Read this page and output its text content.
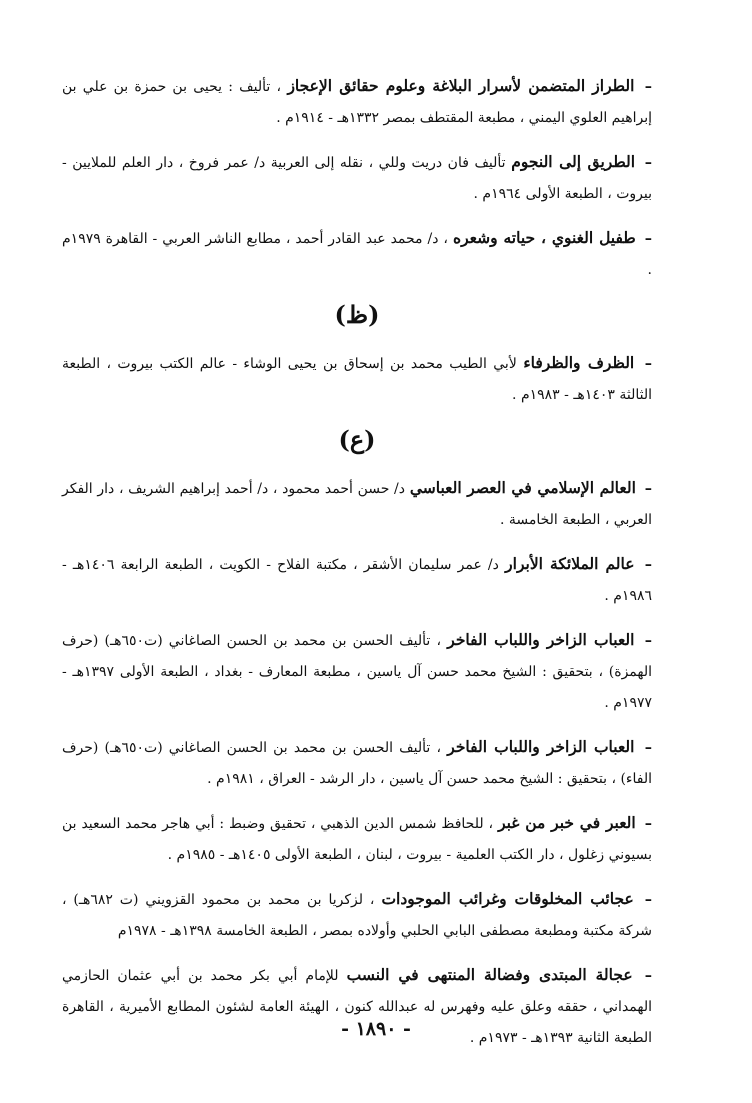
– الطراز المتضمن لأسرار البلاغة وعلوم حقائق الإعجاز ، تأليف : يحيى بن حمزة بن علي بن إبراهيم العلوي اليمني ، مطبعة المقتطف بمصر ١٣٣٢هـ - ١٩١٤م .
– الطريق إلى النجوم تأليف فان دريت وللي ، نقله إلى العربية د/ عمر فروخ ، دار العلم للملايين - بيروت ، الطبعة الأولى ١٩٦٤م .
– طفيل الغنوي ، حياته وشعره ، د/ محمد عبد القادر أحمد ، مطابع الناشر العربي - القاهرة ١٩٧٩م .
(ظ)
– الظرف والظرفاء لأبي الطيب محمد بن إسحاق بن يحيى الوشاء - عالم الكتب بيروت ، الطبعة الثالثة ١٤٠٣هـ - ١٩٨٣م .
(ع)
– العالم الإسلامي في العصر العباسي د/ حسن أحمد محمود ، د/ أحمد إبراهيم الشريف ، دار الفكر العربي ، الطبعة الخامسة .
– عالم الملائكة الأبرار د/ عمر سليمان الأشقر ، مكتبة الفلاح - الكويت ، الطبعة الرابعة ١٤٠٦هـ - ١٩٨٦م .
– العباب الزاخر واللباب الفاخر ، تأليف الحسن بن محمد بن الحسن الصاغاني (ت٦٥٠هـ) (حرف الهمزة) ، بتحقيق : الشيخ محمد حسن آل ياسين ، مطبعة المعارف - بغداد ، الطبعة الأولى ١٣٩٧هـ - ١٩٧٧م .
– العباب الزاخر واللباب الفاخر ، تأليف الحسن بن محمد بن الحسن الصاغاني (ت٦٥٠هـ) (حرف الفاء) ، بتحقيق : الشيخ محمد حسن آل ياسين ، دار الرشد - العراق ، ١٩٨١م .
– العبر في خبر من غبر ، للحافظ شمس الدين الذهبي ، تحقيق وضبط : أبي هاجر محمد السعيد بن بسيوني زغلول ، دار الكتب العلمية - بيروت ، لبنان ، الطبعة الأولى ١٤٠٥هـ - ١٩٨٥م .
– عجائب المخلوقات وغرائب الموجودات ، لزكريا بن محمد بن محمود القزويني (ت ٦٨٢هـ) ، شركة مكتبة ومطبعة مصطفى البابي الحلبي وأولاده بمصر ، الطبعة الخامسة ١٣٩٨هـ - ١٩٧٨م
– عجالة المبتدى وفضالة المنتهى في النسب للإمام أبي بكر محمد بن أبي عثمان الحازمي الهمداني ، حققه وعلق عليه وفهرس له عبدالله كنون ، الهيئة العامة لشئون المطابع الأميرية ، القاهرة الطبعة الثانية ١٣٩٣هـ - ١٩٧٣م .
- ١٨٩٠ -
